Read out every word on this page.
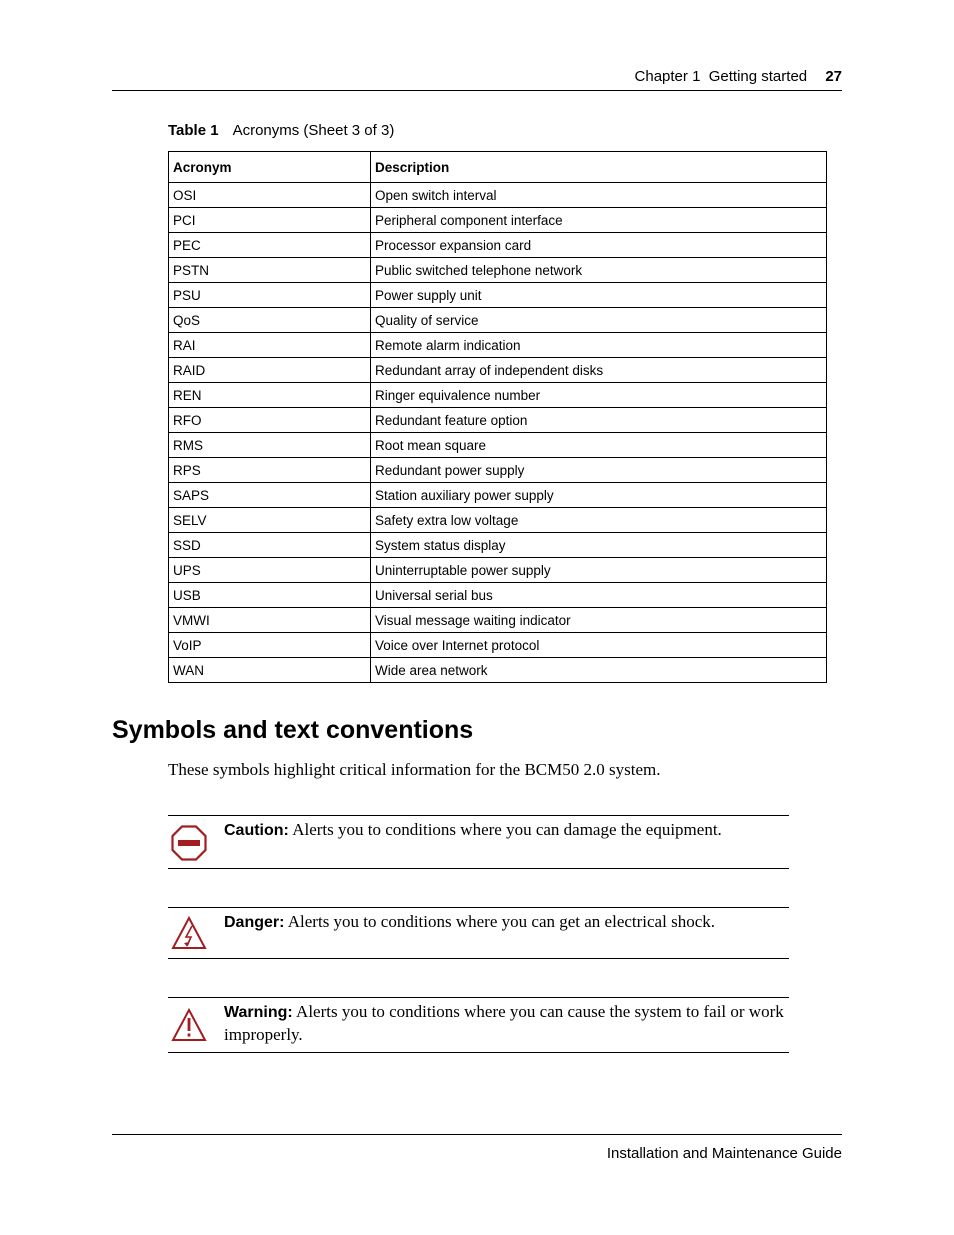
Chapter 1  Getting started 27
Table 1 Acronyms (Sheet 3 of 3)
Acronym	Description
OSI	Open switch interval
PCI	Peripheral component interface
PEC	Processor expansion card
PSTN	Public switched telephone network
PSU	Power supply unit
QoS	Quality of service
RAI	Remote alarm indication
RAID	Redundant array of independent disks
REN	Ringer equivalence number
RFO	Redundant feature option
RMS	Root mean square
RPS	Redundant power supply
SAPS	Station auxiliary power supply
SELV	Safety extra low voltage
SSD	System status display
UPS	Uninterruptable power supply
USB	Universal serial bus
VMWI	Visual message waiting indicator
VoIP	Voice over Internet protocol
WAN	Wide area network
Symbols and text conventions
These symbols highlight critical information for the BCM50 2.0 system.
Caution: Alerts you to conditions where you can damage the equipment.
Danger: Alerts you to conditions where you can get an electrical shock.
Warning: Alerts you to conditions where you can cause the system to fail or work improperly.
Installation and Maintenance Guide
